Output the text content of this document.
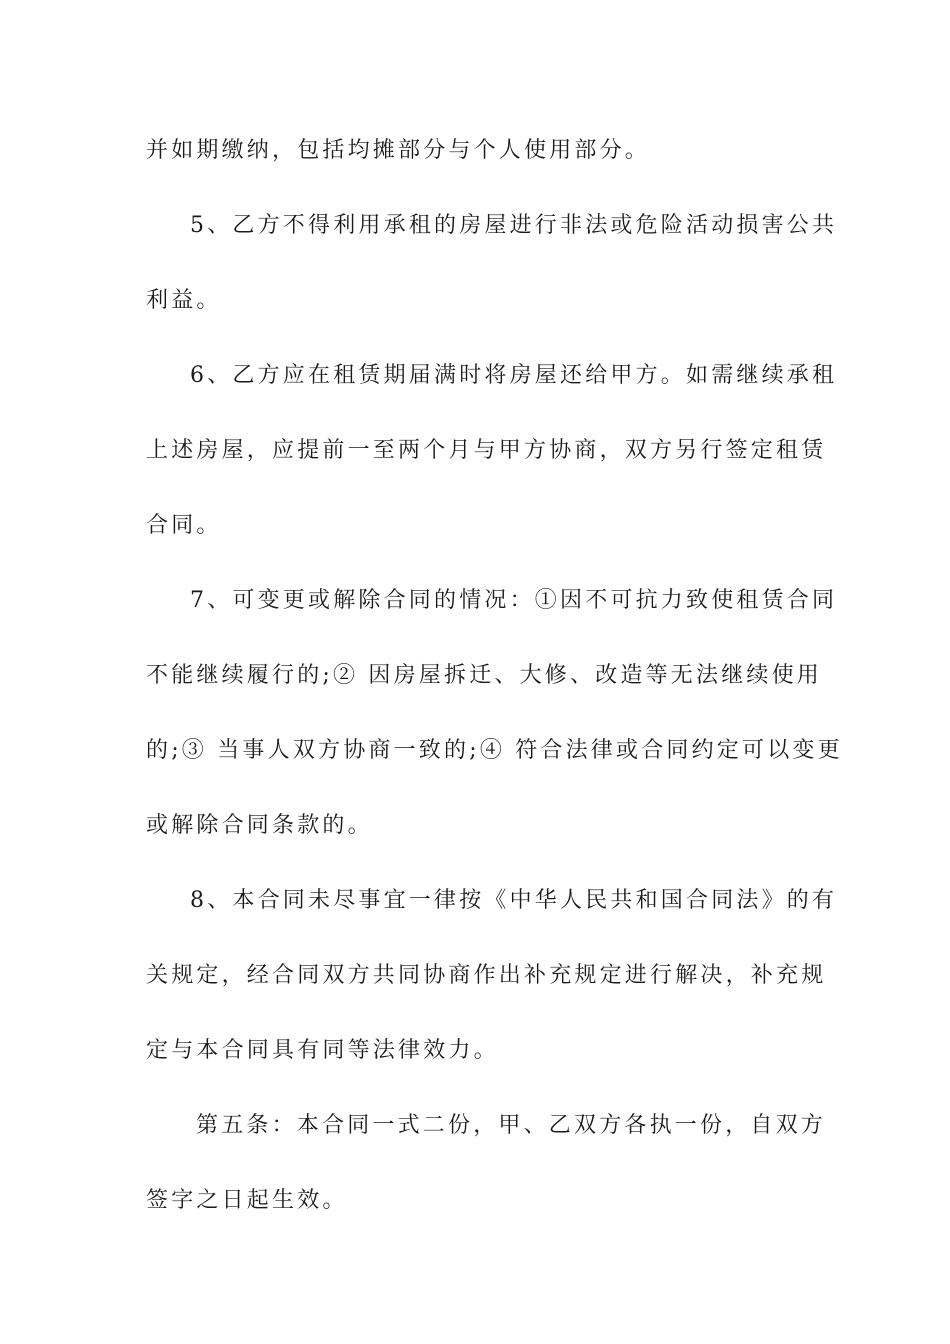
并如期缴纳，包括均摊部分与个人使用部分。
5、乙方不得利用承租的房屋进行非法或危险活动损害公共
利益。
6、乙方应在租赁期届满时将房屋还给甲方。如需继续承租
上述房屋，应提前一至两个月与甲方协商，双方另行签定租赁
合同。
7、可变更或解除合同的情况：①因不可抗力致使租赁合同
不能继续履行的;② 因房屋拆迁、大修、改造等无法继续使用
的;③ 当事人双方协商一致的;④ 符合法律或合同约定可以变更
或解除合同条款的。
8、本合同未尽事宜一律按《中华人民共和国合同法》的有
关规定，经合同双方共同协商作出补充规定进行解决，补充规
定与本合同具有同等法律效力。
第五条：本合同一式二份，甲、乙双方各执一份，自双方
签字之日起生效。
